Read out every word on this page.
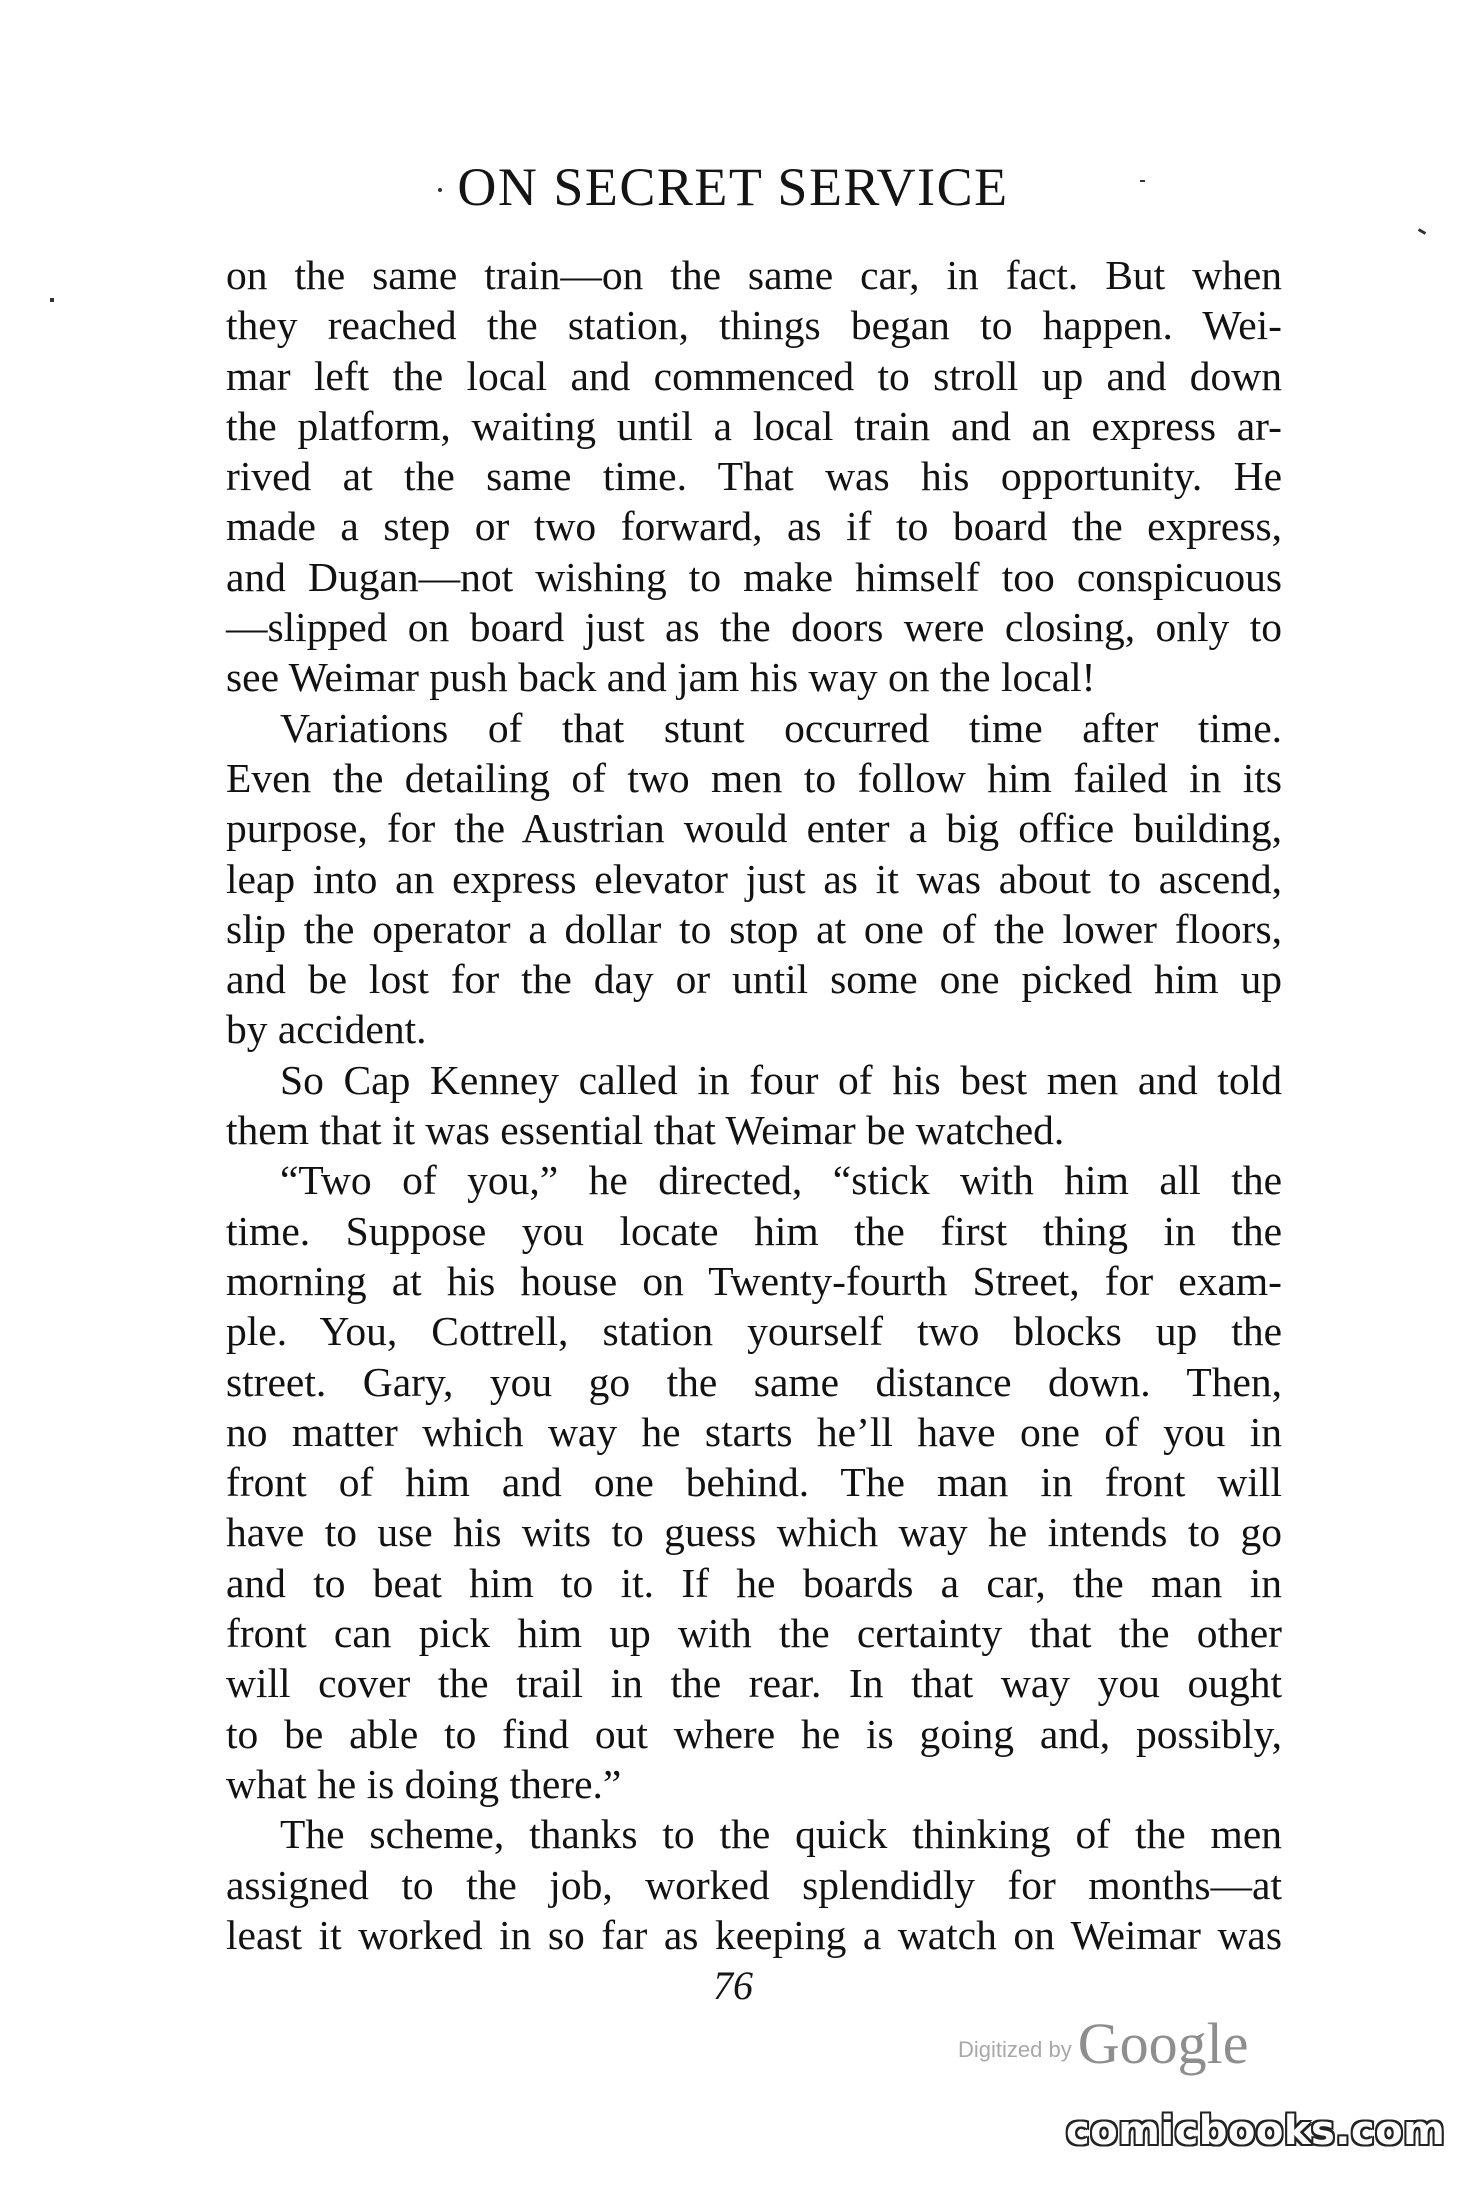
ON SECRET SERVICE
on the same train—on the same car, in fact. But when
they reached the station, things began to happen. Wei-
mar left the local and commenced to stroll up and down
the platform, waiting until a local train and an express ar-
rived at the same time. That was his opportunity. He
made a step or two forward, as if to board the express,
and Dugan—not wishing to make himself too conspicuous
—slipped on board just as the doors were closing, only to
see Weimar push back and jam his way on the local!
Variations of that stunt occurred time after time.
Even the detailing of two men to follow him failed in its
purpose, for the Austrian would enter a big office building,
leap into an express elevator just as it was about to ascend,
slip the operator a dollar to stop at one of the lower floors,
and be lost for the day or until some one picked him up
by accident.
So Cap Kenney called in four of his best men and told
them that it was essential that Weimar be watched.
“Two of you,” he directed, “stick with him all the
time. Suppose you locate him the first thing in the
morning at his house on Twenty-fourth Street, for exam-
ple. You, Cottrell, station yourself two blocks up the
street. Gary, you go the same distance down. Then,
no matter which way he starts he’ll have one of you in
front of him and one behind. The man in front will
have to use his wits to guess which way he intends to go
and to beat him to it. If he boards a car, the man in
front can pick him up with the certainty that the other
will cover the trail in the rear. In that way you ought
to be able to find out where he is going and, possibly,
what he is doing there.”
The scheme, thanks to the quick thinking of the men
assigned to the job, worked splendidly for months—at
least it worked in so far as keeping a watch on Weimar was
76
Digitized by Google
comicbooks.com
